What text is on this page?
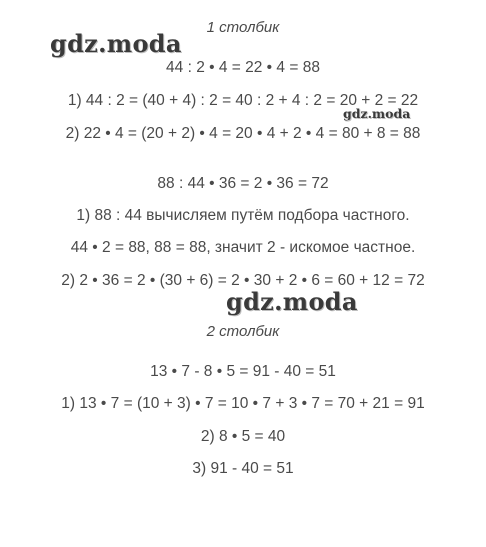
1 столбик
44 : 2 • 4 = 22 • 4 = 88
1) 44 : 2 = (40 + 4) : 2 = 40 : 2 + 4 : 2 = 20 + 2 = 22
2) 22 • 4 = (20 + 2) • 4 = 20 • 4 + 2 • 4 = 80 + 8 = 88
88 : 44 • 36 = 2 • 36 = 72
1) 88 : 44 вычисляем путём подбора частного.
44 • 2 = 88, 88 = 88, значит 2 - искомое частное.
2) 2 • 36 = 2 • (30 + 6) = 2 • 30 + 2 • 6 = 60 + 12 = 72
2 столбик
13 • 7 - 8 • 5 = 91 - 40 = 51
1) 13 • 7 = (10 + 3) • 7 = 10 • 7 + 3 • 7 = 70 + 21 = 91
2) 8 • 5 = 40
3) 91 - 40 = 51
gdz.moda
gdz.moda
gdz.moda
